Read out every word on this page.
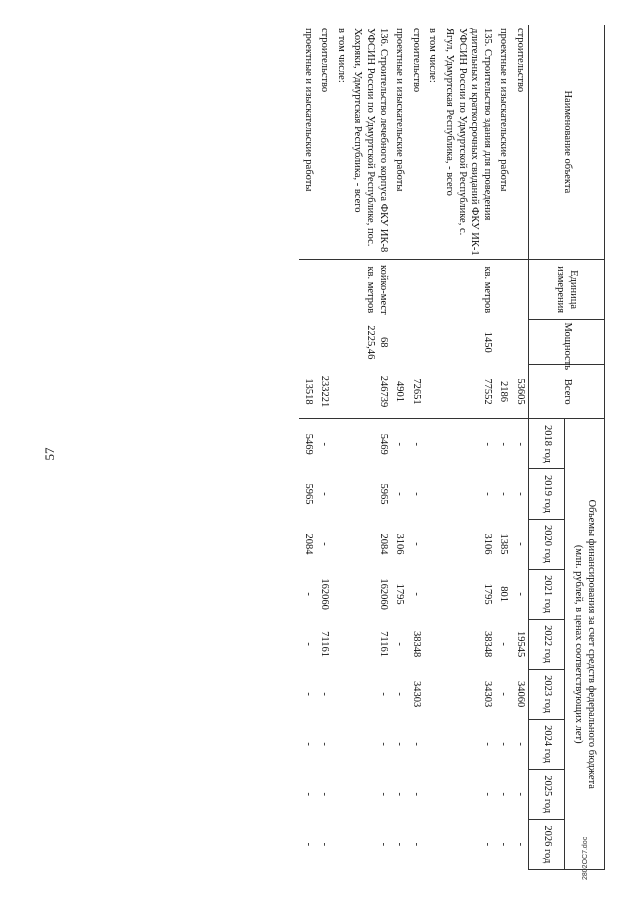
57
2802OC7.doc
Наименование объекта	Единица измерения	Мощность	Всего	Объемы финансирования за счет средств федерального бюджета
(млн. рублей, в ценах соответствующих лет)								

				2018 год	2019 год	2020 год	2021 год	2022 год	2023 год	2024 год	2025 год	2026 год
строительство			53605	-	-	-	-	19545	34060	-	-	-
проектные и изыскательские работы			2186	-	-	1385	801	-	-	-	-	-
135. Строительство здания для проведения длительных и краткосрочных свиданий ФКУ ИК-1 УФСИН России по Удмуртской Республике, с. Ягул, Удмуртская Республика, - всего	кв. метров	1450	77552	-	-	3106	1795	38348	34303	-	-	-
в том числе:												
строительство			72651	-	-	-	-	38348	34303	-	-	-
проектные и изыскательские работы			4901	-	-	3106	1795	-	-	-	-	-
136. Строительство лечебного корпуса ФКУ ИК-8 УФСИН России по Удмуртской Республике, пос. Хохряки, Удмуртская Республика, - всего	койко-мест кв. метров	68 2225,46	246739	5469	5965	2084	162060	71161	-	-	-	-
в том числе:												
строительство			233221	-	-	-	162060	71161	-	-	-	-
проектные и изыскательские работы			13518	5469	5965	2084	-	-	-	-	-	-
